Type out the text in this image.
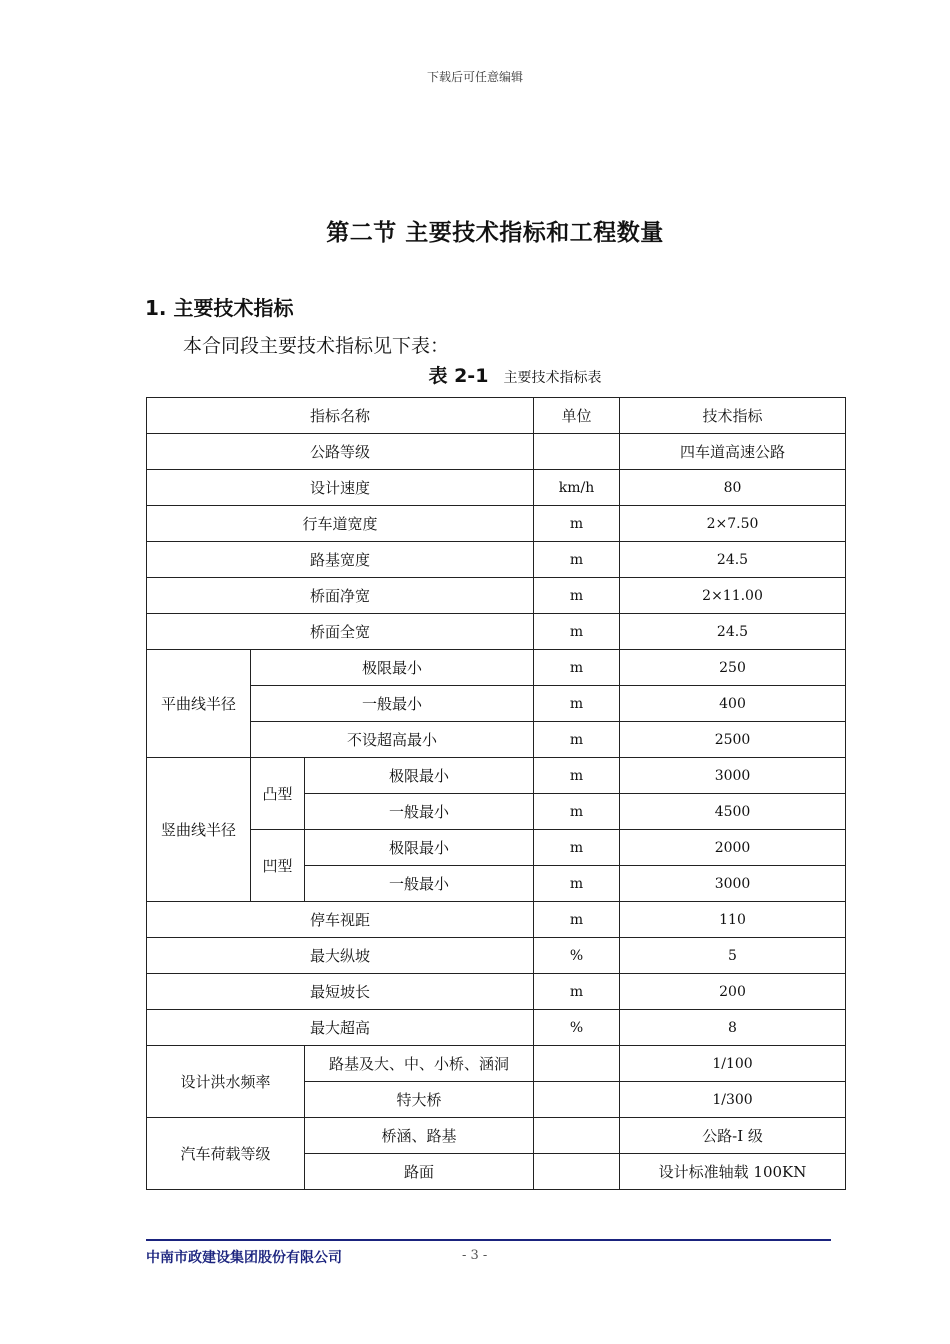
下载后可任意编辑
第二节 主要技术指标和工程数量
1. 主要技术指标
本合同段主要技术指标见下表：
表 2-1 主要技术指标表
指标名称			单位	技术指标
公路等级				四车道高速公路
设计速度			km/h	80
行车道宽度			m	2×7.50
路基宽度			m	24.5
桥面净宽			m	2×11.00
桥面全宽			m	24.5
平曲线半径	极限最小		m	250
	一般最小		m	400
	不设超高最小		m	2500
竖曲线半径	凸型	极限最小	m	3000
		一般最小	m	4500
	凹型	极限最小	m	2000
		一般最小	m	3000
停车视距			m	110
最大纵坡			%	5
最短坡长			m	200
最大超高			%	8
设计洪水频率		路基及大、中、小桥、涵洞		1/100
		特大桥		1/300
汽车荷载等级		桥涵、路基		公路-Ⅰ 级
		路面		设计标准轴载 100KN
中南市政建设集团股份有限公司	- 3 -
